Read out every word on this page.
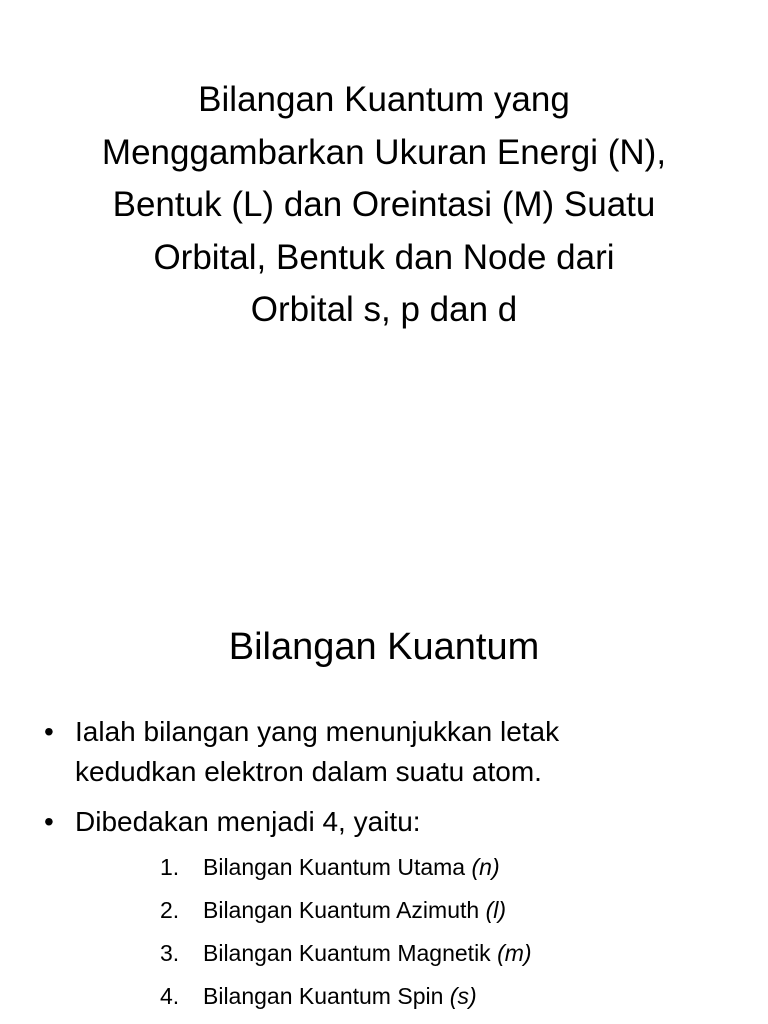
Bilangan Kuantum yang
Menggambarkan Ukuran Energi (N),
Bentuk (L) dan Oreintasi (M) Suatu
Orbital, Bentuk dan Node dari
Orbital s, p dan d
Bilangan Kuantum
• Ialah bilangan yang menunjukkan letak
kedudkan elektron dalam suatu atom.
• Dibedakan menjadi 4, yaitu:
1. Bilangan Kuantum Utama (n)
2. Bilangan Kuantum Azimuth (l)
3. Bilangan Kuantum Magnetik (m)
4. Bilangan Kuantum Spin (s)
